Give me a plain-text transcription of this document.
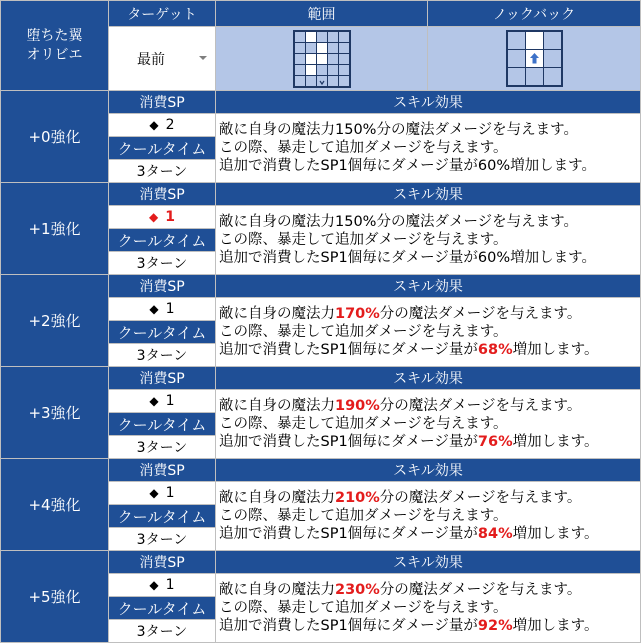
堕ちた翼
オリビエ
ターゲット	範囲	ノックバック
最前
+0強化
消費SP
◆ 2
クールタイム
3ターン
スキル効果
敵に自身の魔法力150%分の魔法ダメージを与えます。
この際、暴走して追加ダメージを与えます。
追加で消費したSP1個毎にダメージ量が60%増加します。
+1強化
消費SP
◆ 1
クールタイム
3ターン
スキル効果
敵に自身の魔法力150%分の魔法ダメージを与えます。
この際、暴走して追加ダメージを与えます。
追加で消費したSP1個毎にダメージ量が60%増加します。
+2強化
消費SP
◆ 1
クールタイム
3ターン
スキル効果
敵に自身の魔法力170%分の魔法ダメージを与えます。
この際、暴走して追加ダメージを与えます。
追加で消費したSP1個毎にダメージ量が68%増加します。
+3強化
消費SP
◆ 1
クールタイム
3ターン
スキル効果
敵に自身の魔法力190%分の魔法ダメージを与えます。
この際、暴走して追加ダメージを与えます。
追加で消費したSP1個毎にダメージ量が76%増加します。
+4強化
消費SP
◆ 1
クールタイム
3ターン
スキル効果
敵に自身の魔法力210%分の魔法ダメージを与えます。
この際、暴走して追加ダメージを与えます。
追加で消費したSP1個毎にダメージ量が84%増加します。
+5強化
消費SP
◆ 1
クールタイム
3ターン
スキル効果
敵に自身の魔法力230%分の魔法ダメージを与えます。
この際、暴走して追加ダメージを与えます。
追加で消費したSP1個毎にダメージ量が92%増加します。
